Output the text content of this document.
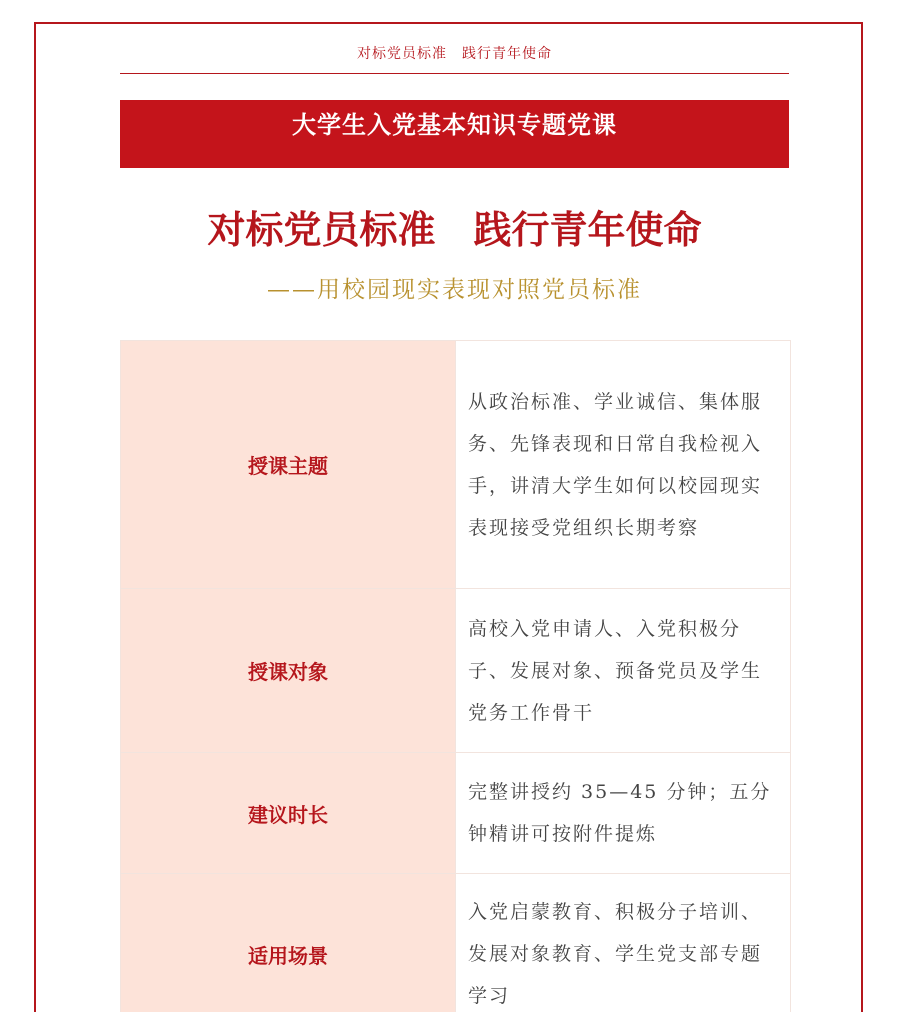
对标党员标准　践行青年使命
大学生入党基本知识专题党课
对标党员标准　践行青年使命
——用校园现实表现对照党员标准
授课主题	从政治标准、学业诚信、集体服务、先锋表现和日常自我检视入手，讲清大学生如何以校园现实表现接受党组织长期考察
授课对象	高校入党申请人、入党积极分子、发展对象、预备党员及学生党务工作骨干
建议时长	完整讲授约 35—45 分钟；五分钟精讲可按附件提炼
适用场景	入党启蒙教育、积极分子培训、发展对象教育、学生党支部专题学习
